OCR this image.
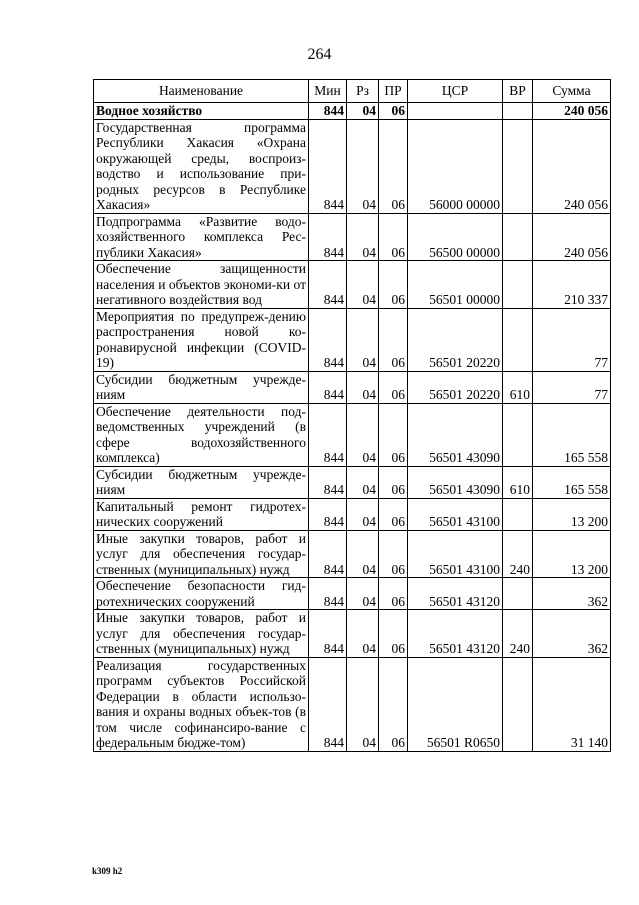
264
Наименование	Мин	Рз	ПР	ЦСР	ВР	Сумма
Водное хозяйство	844	04	06			240 056
Государственная программа Республики Хакасия «Охрана окружающей среды, воспроиз-водство и использование при-родных ресурсов в Республике Хакасия»	844	04	06	56000 00000		240 056
Подпрограмма «Развитие водо-хозяйственного комплекса Рес-публики Хакасия»	844	04	06	56500 00000		240 056
Обеспечение защищенности населения и объектов экономи-ки от негативного воздействия вод	844	04	06	56501 00000		210 337
Мероприятия по предупреж-дению распространения новой ко-ронавирусной инфекции (COVID-19)	844	04	06	56501 20220		77
Субсидии бюджетным учрежде-ниям	844	04	06	56501 20220	610	77
Обеспечение деятельности под-ведомственных учреждений (в сфере водохозяйственного комплекса)	844	04	06	56501 43090		165 558
Субсидии бюджетным учрежде-ниям	844	04	06	56501 43090	610	165 558
Капитальный ремонт гидротех-нических сооружений	844	04	06	56501 43100		13 200
Иные закупки товаров, работ и услуг для обеспечения государ-ственных (муниципальных) нужд	844	04	06	56501 43100	240	13 200
Обеспечение безопасности гид-ротехнических сооружений	844	04	06	56501 43120		362
Иные закупки товаров, работ и услуг для обеспечения государ-ственных (муниципальных) нужд	844	04	06	56501 43120	240	362
Реализация государственных программ субъектов Российской Федерации в области использо-вания и охраны водных объек-тов (в том числе софинансиро-вание с федеральным бюдже-том)	844	04	06	56501 R0650		31 140
k309 h2
